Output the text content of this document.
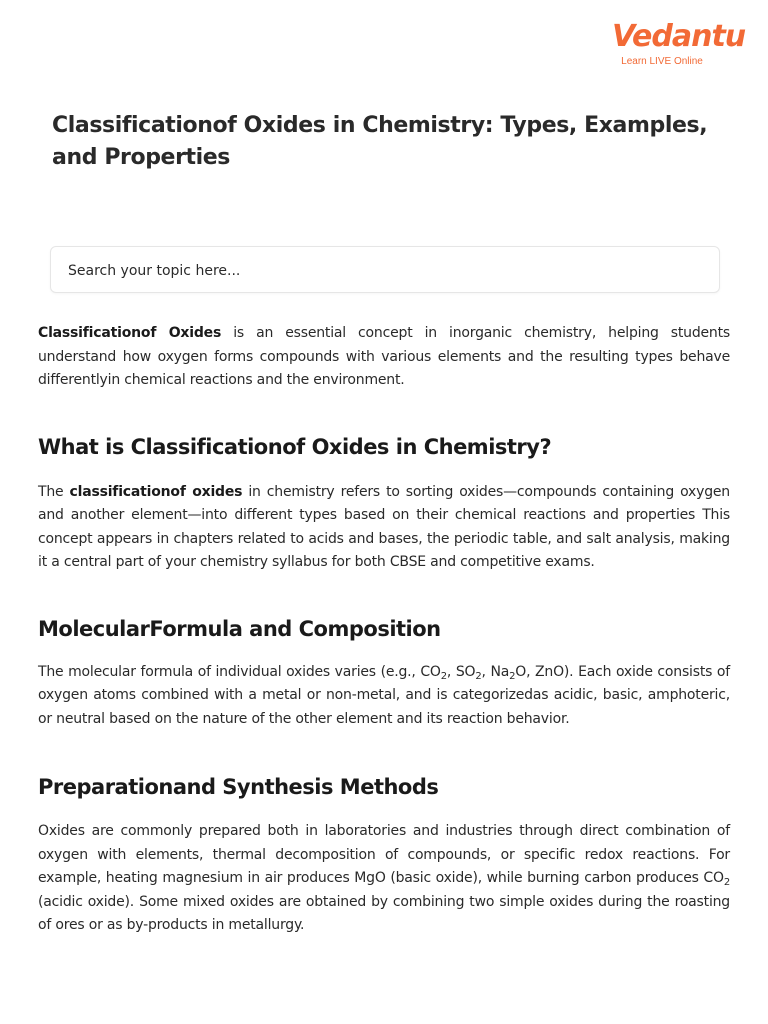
Vedantu
Learn LIVE Online
Classificationof Oxides in Chemistry: Types, Examples, and Properties
Search your topic here...

Classificationof Oxides is an essential concept in inorganic chemistry, helping students understand how oxygen forms compounds with various elements and the resulting types behave differentlyin chemical reactions and the environment.

What is Classificationof Oxides in Chemistry?

The classificationof oxides in chemistry refers to sorting oxides—compounds containing oxygen and another element—into different types based on their chemical reactions and properties This concept appears in chapters related to acids and bases, the periodic table, and salt analysis, making it a central part of your chemistry syllabus for both CBSE and competitive exams.

MolecularFormula and Composition

The molecular formula of individual oxides varies (e.g., $CO_2$, $SO_2$, $Na_2O$, ZnO). Each oxide consists of oxygen atoms combined with a metal or non-metal, and is categorizedas acidic, basic, amphoteric, or neutral based on the nature of the other element and its reaction behavior.

Preparationand Synthesis Methods

Oxides are commonly prepared both in laboratories and industries through direct combination of oxygen with elements, thermal decomposition of compounds, or specific redox reactions. For example, heating magnesium in air produces MgO (basic oxide), while burning carbon produces $CO_2$ (acidic oxide). Some mixed oxides are obtained by combining two simple oxides during the roasting of ores or as by-products in metallurgy.
